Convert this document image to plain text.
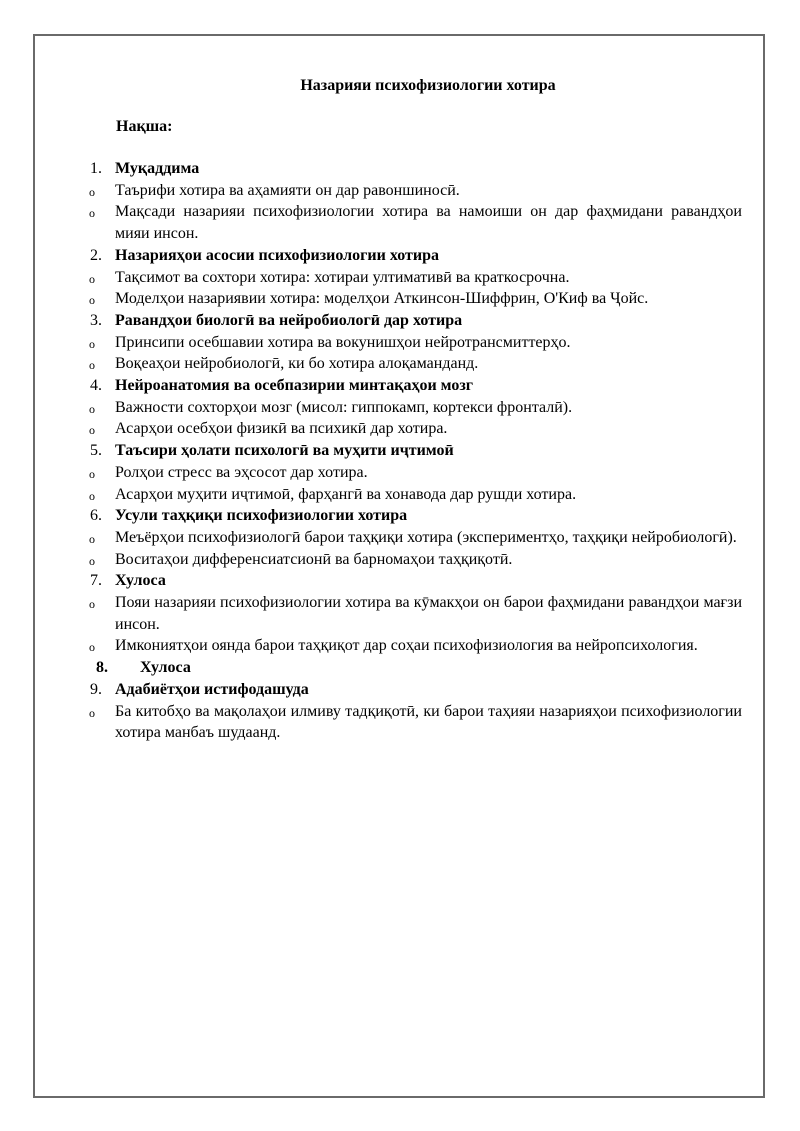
Назарияи психофизиологии хотира
Нақша:
1. Муқаддима
o Таърифи хотира ва аҳамияти он дар равоншиносӣ.
o Мақсади назарияи психофизиологии хотира ва намоиши он дар фаҳмидани равандҳои мияи инсон.
2. Назарияҳои асосии психофизиологии хотира
o Тақсимот ва сохтори хотира: хотираи ултимативӣ ва краткосрочна.
o Моделҳои назариявии хотира: моделҳои Аткинсон-Шиффрин, О'Киф ва Ҷойс.
3. Равандҳои биологӣ ва нейробиологӣ дар хотира
o Принсипи осебшавии хотира ва вокунишҳои нейротрансмиттерҳо.
o Воқеаҳои нейробиологӣ, ки бо хотира алоқаманданд.
4. Нейроанатомия ва осебпазирии минтақаҳои мозг
o Важности сохторҳои мозг (мисол: гиппокамп, кортекси фронталӣ).
o Асарҳои осебҳои физикӣ ва психикӣ дар хотира.
5. Таъсири ҳолати психологӣ ва муҳити иҷтимоӣ
o Ролҳои стресс ва эҳсосот дар хотира.
o Асарҳои муҳити иҷтимоӣ, фарҳангӣ ва хонавода дар рушди хотира.
6. Усули таҳқиқи психофизиологии хотира
o Меъёрҳои психофизиологӣ барои таҳқиқи хотира (экспериментҳо, таҳқиқи нейробиологӣ).
o Воситаҳои дифференсиатсионӣ ва барномаҳои таҳқиқотӣ.
7. Хулоса
o Пояи назарияи психофизиологии хотира ва кӯмакҳои он барои фаҳмидани равандҳои мағзи инсон.
o Имкониятҳои оянда барои таҳқиқот дар соҳаи психофизиология ва нейропсихология.
8. Хулоса
9. Адабиётҳои истифодашуда
o Ба китобҳо ва мақолаҳои илмиву тадқиқотӣ, ки барои таҳияи назарияҳои психофизиологии хотира манбаъ шудаанд.
